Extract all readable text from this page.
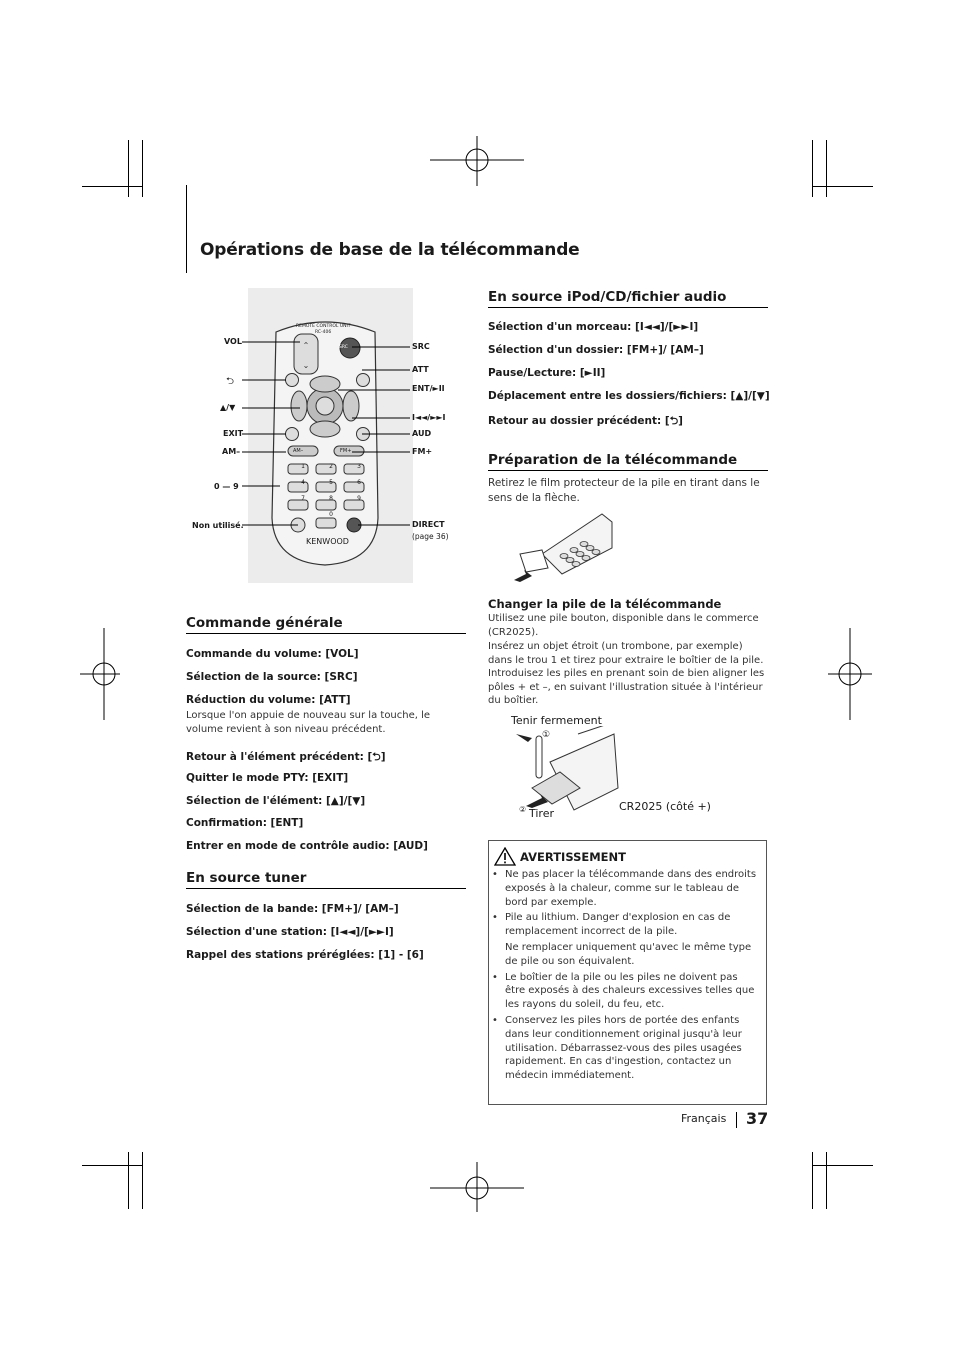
Opérations de base de la télécommande
⌃
⌄
REMOTE CONTROL UNIT
RC-406
SRC
AM–	FM+
1	2	3
4	5	6
7	8	9
0
KENWOOD
VOL
⮌
▲/▼
EXIT
AM–
0 — 9
Non utilisé.
SRC
ATT
ENT/►II
I◄◄/►►I
AUD
FM+
DIRECT
(page 36)
Commande générale
Commande du volume: [VOL]
Sélection de la source: [SRC]
Réduction du volume: [ATT]
Lorsque l'on appuie de nouveau sur la touche, le volume revient à son niveau précédent.
Retour à l'élément précédent: [⮌]
Quitter le mode PTY: [EXIT]
Sélection de l'élément: [▲]/[▼]
Confirmation: [ENT]
Entrer en mode de contrôle audio: [AUD]
En source tuner
Sélection de la bande: [FM+]/ [AM–]
Sélection d'une station: [I◄◄]/[►►I]
Rappel des stations préréglées: [1] - [6]
En source iPod/CD/fichier audio
Sélection d'un morceau: [I◄◄]/[►►I]
Sélection d'un dossier: [FM+]/ [AM–]
Pause/Lecture: [►II]
Déplacement entre les dossiers/fichiers: [▲]/[▼]
Retour au dossier précédent: [⮌]
Préparation de la télécommande
Retirez le film protecteur de la pile en tirant dans le sens de la flèche.
Changer la pile de la télécommande
Utilisez une pile bouton, disponible dans le commerce (CR2025).
Insérez un objet étroit (un trombone, par exemple) dans le trou 1 et tirez pour extraire le boîtier de la pile. Introduisez les piles en prenant soin de bien aligner les pôles + et –, en suivant l'illustration située à l'intérieur du boîtier.
Tenir fermement
①
② Tirer
CR2025 (côté +)
AVERTISSEMENT
• Ne pas placer la télécommande dans des endroits exposés à la chaleur, comme sur le tableau de bord par exemple.
• Pile au lithium. Danger d'explosion en cas de remplacement incorrect de la pile.
Ne remplacer uniquement qu'avec le même type de pile ou son équivalent.
• Le boîtier de la pile ou les piles ne doivent pas être exposés à des chaleurs excessives telles que les rayons du soleil, du feu, etc.
• Conservez les piles hors de portée des enfants dans leur conditionnement original jusqu'à leur utilisation. Débarrassez-vous des piles usagées rapidement. En cas d'ingestion, contactez un médecin immédiatement.
Français 37
